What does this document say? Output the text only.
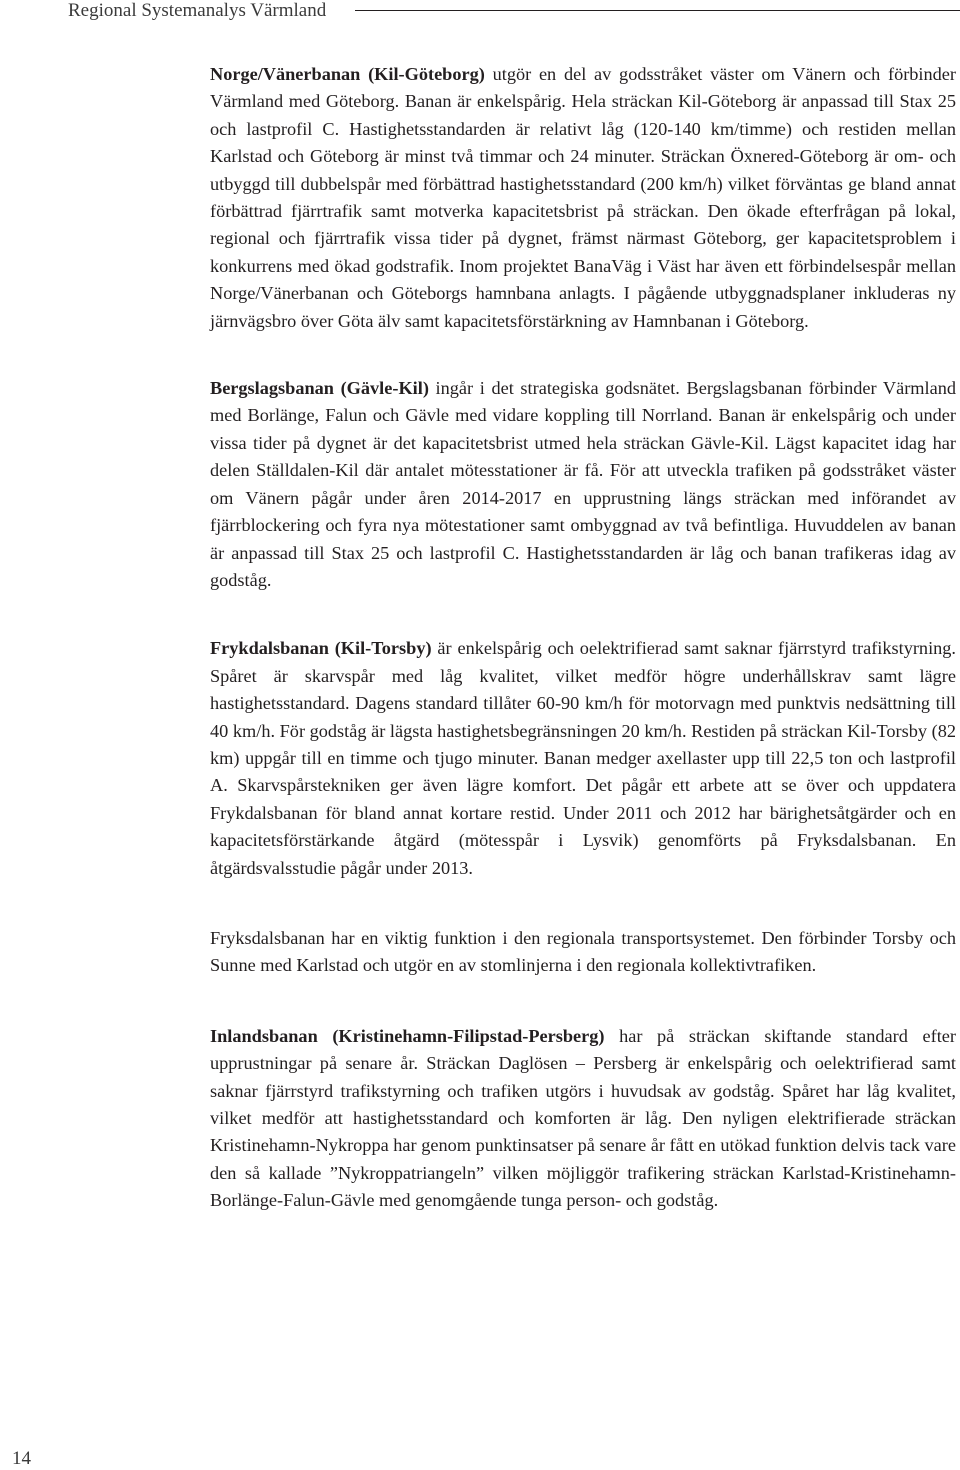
Regional Systemanalys Värmland

Norge/Vänerbanan (Kil-Göteborg) utgör en del av godsstråket väster om Vänern och förbinder Värmland med Göteborg. Banan är enkelspårig. Hela sträckan Kil-Göteborg är anpassad till Stax 25 och lastprofil C. Hastighetsstandarden är relativt låg (120-140 km/timme) och restiden mellan Karlstad och Göteborg är minst två timmar och 24 minuter. Sträckan Öxnered-Göteborg är om- och utbyggd till dubbelspår med förbättrad hastighetsstandard (200 km/h) vilket förväntas ge bland annat förbättrad fjärrtrafik samt motverka kapacitetsbrist på sträckan. Den ökade efterfrågan på lokal, regional och fjärrtrafik vissa tider på dygnet, främst närmast Göteborg, ger kapacitetsproblem i konkurrens med ökad godstrafik. Inom projektet BanaVäg i Väst har även ett förbindelsespår mellan Norge/Vänerbanan och Göteborgs hamnbana anlagts. I pågående utbyggnadsplaner inkluderas ny järnvägsbro över Göta älv samt kapacitetsförstärkning av Hamnbanan i Göteborg.

Bergslagsbanan (Gävle-Kil) ingår i det strategiska godsnätet. Bergslagsbanan förbinder Värmland med Borlänge, Falun och Gävle med vidare koppling till Norrland. Banan är enkelspårig och under vissa tider på dygnet är det kapacitetsbrist utmed hela sträckan Gävle-Kil. Lägst kapacitet idag har delen Ställdalen-Kil där antalet mötesstationer är få. För att utveckla trafiken på godsstråket väster om Vänern pågår under åren 2014-2017 en upprustning längs sträckan med införandet av fjärrblockering och fyra nya mötestationer samt ombyggnad av två befintliga. Huvuddelen av banan är anpassad till Stax 25 och lastprofil C. Hastighetsstandarden är låg och banan trafikeras idag av godståg.

Frykdalsbanan (Kil-Torsby) är enkelspårig och oelektrifierad samt saknar fjärrstyrd trafikstyrning. Spåret är skarvspår med låg kvalitet, vilket medför högre underhållskrav samt lägre hastighetsstandard. Dagens standard tillåter 60-90 km/h för motorvagn med punktvis nedsättning till 40 km/h. För godståg är lägsta hastighetsbegränsningen 20 km/h. Restiden på sträckan Kil-Torsby (82 km) uppgår till en timme och tjugo minuter. Banan medger axellaster upp till 22,5 ton och lastprofil A. Skarvspårstekniken ger även lägre komfort. Det pågår ett arbete att se över och uppdatera Frykdalsbanan för bland annat kortare restid. Under 2011 och 2012 har bärighetsåtgärder och en kapacitetsförstärkande åtgärd (mötesspår i Lysvik) genomförts på Fryksdalsbanan. En åtgärdsvalsstudie pågår under 2013.

Fryksdalsbanan har en viktig funktion i den regionala transportsystemet. Den förbinder Torsby och Sunne med Karlstad och utgör en av stomlinjerna i den regionala kollektivtrafiken.

Inlandsbanan (Kristinehamn-Filipstad-Persberg) har på sträckan skiftande standard efter upprustningar på senare år. Sträckan Daglösen – Persberg är enkelspårig och oelektrifierad samt saknar fjärrstyrd trafikstyrning och trafiken utgörs i huvudsak av godståg. Spåret har låg kvalitet, vilket medför att hastighetsstandard och komforten är låg. Den nyligen elektrifierade sträckan Kristinehamn-Nykroppa har genom punktinsatser på senare år fått en utökad funktion delvis tack vare den så kallade ”Nykroppatriangeln” vilken möjliggör trafikering sträckan Karlstad-Kristinehamn-Borlänge-Falun-Gävle med genomgående tunga person- och godståg.

14
